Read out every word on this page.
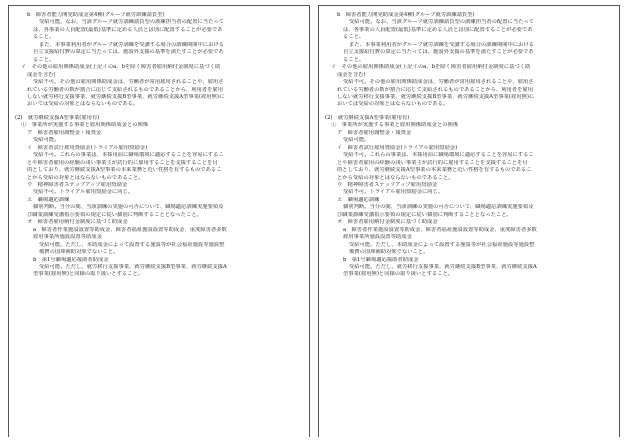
b　障害者能力開発助成金第4種(グループ就労訓練請負型)
受給可能。なお、当該グループ就労訓練請負型の訓練担当者の配置に当たって
は、各事業の人員配置(最低)基準に定める人員とは別に配置することが必要であ
ること。
また、本事業利用者がグループ就労訓練を受講する場合の訓練期間中における
自立支援給付費の算定に当たっては、施設外支援の基準を満たすことが必要であ
ること。
イ　その他の雇用関係助成金(上記イのa、bを除く障害者雇用納付金制度に基づく助
成金を含む)
受給不可。その他の雇用関係助成金は、労働者が常用雇用されることや、雇用さ
れている労働者の数が割合に応じて支給されるものであることから、利用者を雇用
しない就労移行支援事業、就労継続支援B型事業、就労継続支援A型事業(雇用無)に
おいては受給の対象とはならないものである。
(2)　就労継続支援A型事業(雇用有)
①　事業所が実施する事業と雇用関係助成金との関係
ア　障害者雇用調整金・報奨金
受給可能。
イ　障害者試行雇用奨励金(トライアル雇用奨励金)
受給不可。これらの事業は、本採用前に職場環境に適応することを容易にするこ
とや障害者雇用の経験の浅い事業主が試行的に雇用することを支援することを目
的としており、就労継続支援A型事業の本来業務と近い性格を有するものであるこ
とから受給の対象とはならないものであること。
ウ　精神障害者ステップアップ雇用奨励金
受給不可。トライアル雇用奨励金に同じ。
エ　職場適応訓練
個別判断。当分の間、当該訓練の実施の可否について、職場適応訓練実施要領及
び職業訓練受講指示要領の規定に従い個別に判断することとなったこと。
オ　障害者雇用納付金制度に基づく助成金
a　障害者作業施設設置等助成金、障害者福祉施設設置等助成金、重度障害者多数
雇用事業所施設設置等助成金
受給可能。ただし、本助成金によって設置する施設等が社会福祉施設等施設整
備費の国庫補助対象でないこと。
b　第1号職場適応援助者助成金
受給可能。ただし、就労移行支援事業、就労継続支援B型事業、就労継続支援A
型事業(雇用無)と同様の取り扱いとすること。
b　障害者能力開発助成金第4種(グループ就労訓練請負型)
受給可能。なお、当該グループ就労訓練請負型の訓練担当者の配置に当たって
は、各事業の人員配置(最低)基準に定める人員とは別に配置することが必要であ
ること。
また、本事業利用者がグループ就労訓練を受講する場合の訓練期間中における
自立支援給付費の算定に当たっては、施設外支援の基準を満たすことが必要であ
ること。
イ　その他の雇用関係助成金(上記イのa、bを除く障害者雇用納付金制度に基づく助
成金を含む)
受給不可。その他の雇用関係助成金は、労働者が常用雇用されることや、雇用さ
れている労働者の数が割合に応じて支給されるものであることから、利用者を雇用
しない就労移行支援事業、就労継続支援B型事業、就労継続支援A型事業(雇用無)に
おいては受給の対象とはならないものである。
(2)　就労継続支援A型事業(雇用有)
①　事業所が実施する事業と雇用関係助成金との関係
ア　障害者雇用調整金・報奨金
受給可能。
イ　障害者試行雇用奨励金(トライアル雇用奨励金)
受給不可。これらの事業は、本採用前に職場環境に適応することを容易にするこ
とや障害者雇用の経験の浅い事業主が試行的に雇用することを支援することを目
的としており、就労継続支援A型事業の本来業務と近い性格を有するものであるこ
とから受給の対象とはならないものであること。
ウ　精神障害者ステップアップ雇用奨励金
受給不可。トライアル雇用奨励金に同じ。
エ　職場適応訓練
個別判断。当分の間、当該訓練の実施の可否について、職場適応訓練実施要領及
び職業訓練受講指示要領の規定に従い個別に判断することとなったこと。
オ　障害者雇用納付金制度に基づく助成金
a　障害者作業施設設置等助成金、障害者福祉施設設置等助成金、重度障害者多数
雇用事業所施設設置等助成金
受給可能。ただし、本助成金によって設置する施設等が社会福祉施設等施設整
備費の国庫補助対象でないこと。
b　第1号職場適応援助者助成金
受給可能。ただし、就労移行支援事業、就労継続支援B型事業、就労継続支援A
型事業(雇用無)と同様の取り扱いとすること。
